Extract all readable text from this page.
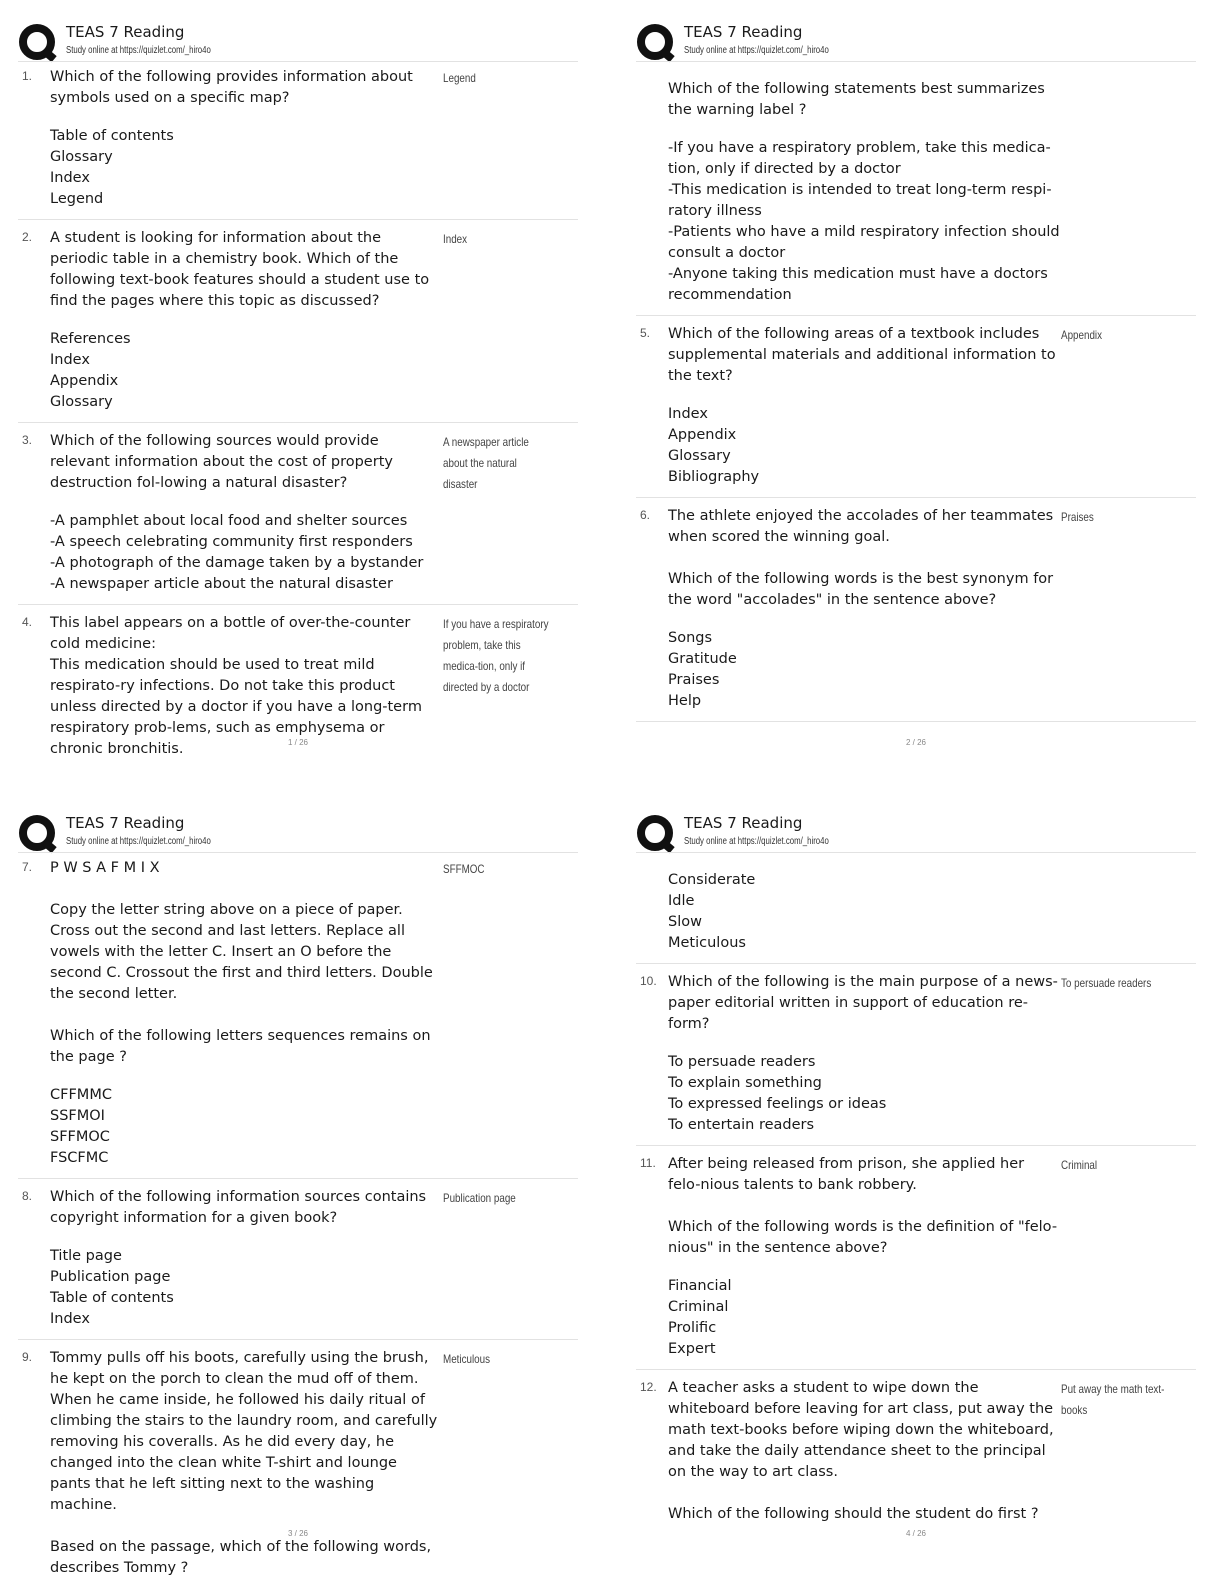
TEAS 7 Reading
Study online at https://quizlet.com/_hiro4o
1. Which of the following provides information about symbols used on a specific map?
Legend
Table of contents
Glossary
Index
Legend
2. A student is looking for information about the periodic table in a chemistry book. Which of the following text-book features should a student use to find the pages where this topic as discussed?
Index
References
Index
Appendix
Glossary
3. Which of the following sources would provide relevant information about the cost of property destruction fol-lowing a natural disaster?
A newspaper article about the natural disaster
-A pamphlet about local food and shelter sources
-A speech celebrating community first responders
-A photograph of the damage taken by a bystander
-A newspaper article about the natural disaster
4. This label appears on a bottle of over-the-counter cold medicine:
This medication should be used to treat mild respirato-ry infections. Do not take this product unless directed by a doctor if you have a long-term respiratory prob-lems, such as emphysema or chronic bronchitis.
If you have a respiratory problem, take this medica-tion, only if directed by a doctor
1 / 26
TEAS 7 Reading
Study online at https://quizlet.com/_hiro4o
Which of the following statements best summarizes the warning label ?
-If you have a respiratory problem, take this medica-tion, only if directed by a doctor
-This medication is intended to treat long-term respi-ratory illness
-Patients who have a mild respiratory infection should consult a doctor
-Anyone taking this medication must have a doctors recommendation
5. Which of the following areas of a textbook includes supplemental materials and additional information to the text?
Appendix
Index
Appendix
Glossary
Bibliography
6. The athlete enjoyed the accolades of her teammates when scored the winning goal.

Which of the following words is the best synonym for the word "accolades" in the sentence above?
Praises
Songs
Gratitude
Praises
Help
2 / 26
TEAS 7 Reading
Study online at https://quizlet.com/_hiro4o
7. P W S A F M I X

Copy the letter string above on a piece of paper. Cross out the second and last letters. Replace all vowels with the letter C. Insert an O before the second C. Crossout the first and third letters. Double the second letter.

Which of the following letters sequences remains on the page ?
SFFMOC
CFFMMC
SSFMOI
SFFMOC
FSCFMC
8. Which of the following information sources contains copyright information for a given book?
Publication page
Title page
Publication page
Table of contents
Index
9. Tommy pulls off his boots, carefully using the brush, he kept on the porch to clean the mud off of them. When he came inside, he followed his daily ritual of climbing the stairs to the laundry room, and carefully removing his coveralls. As he did every day, he changed into the clean white T-shirt and lounge pants that he left sitting next to the washing machine.

Based on the passage, which of the following words, describes Tommy ?
Meticulous
3 / 26
TEAS 7 Reading
Study online at https://quizlet.com/_hiro4o
Considerate
Idle
Slow
Meticulous
10. Which of the following is the main purpose of a news-paper editorial written in support of education re-form?
To persuade readers
To persuade readers
To explain something
To expressed feelings or ideas
To entertain readers
11. After being released from prison, she applied her felo-nious talents to bank robbery.

Which of the following words is the definition of "felo-nious" in the sentence above?
Criminal
Financial
Criminal
Prolific
Expert
12. A teacher asks a student to wipe down the whiteboard before leaving for art class, put away the math text-books before wiping down the whiteboard, and take the daily attendance sheet to the principal on the way to art class.

Which of the following should the student do first ?
Put away the math text-books
4 / 26
